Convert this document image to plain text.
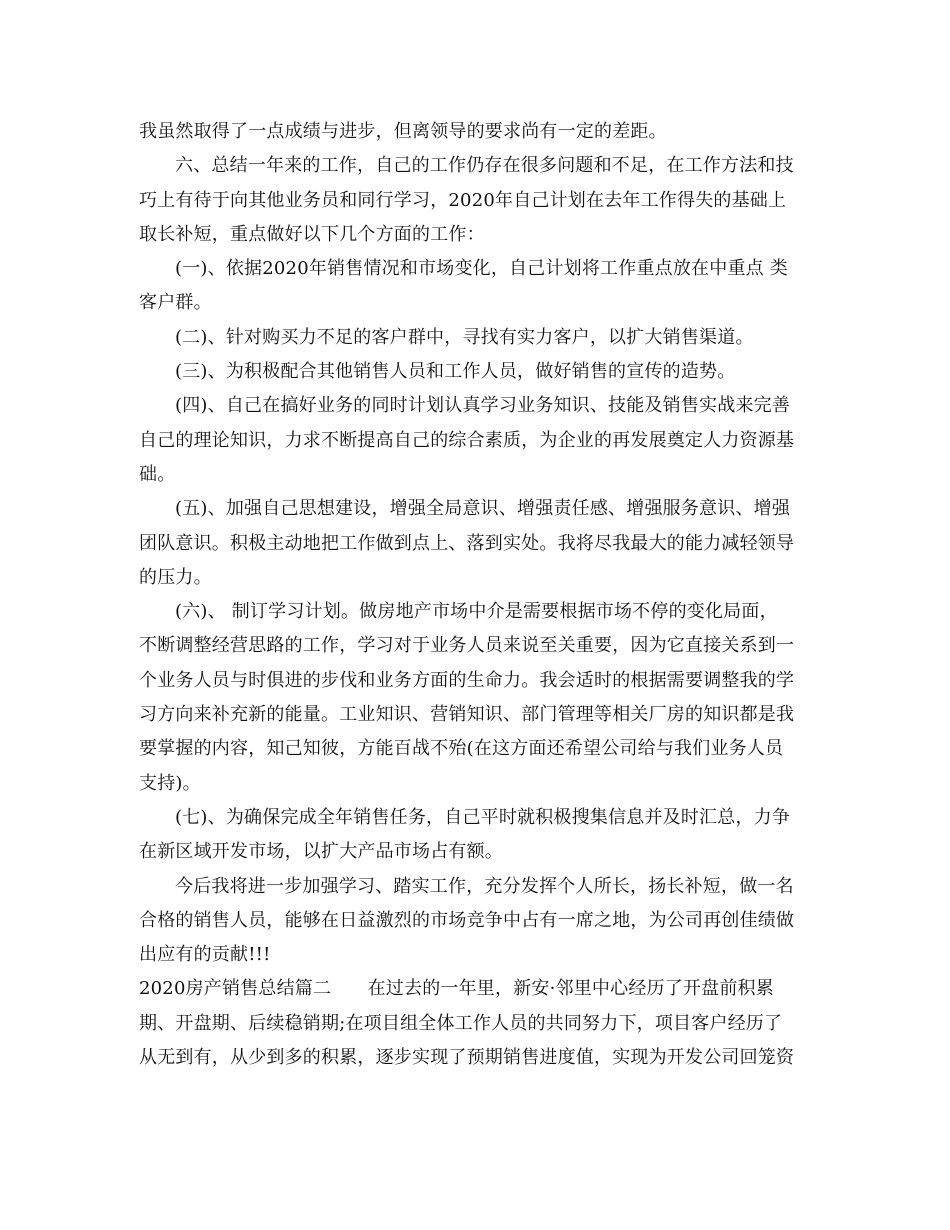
我虽然取得了一点成绩与进步，但离领导的要求尚有一定的差距。
六、总结一年来的工作，自己的工作仍存在很多问题和不足，在工作方法和技
巧上有待于向其他业务员和同行学习，2020年自己计划在去年工作得失的基础上
取长补短，重点做好以下几个方面的工作：
(一)、依据2020年销售情况和市场变化，自己计划将工作重点放在中重点 类
客户群。
(二)、针对购买力不足的客户群中，寻找有实力客户，以扩大销售渠道。
(三)、为积极配合其他销售人员和工作人员，做好销售的宣传的造势。
(四)、自己在搞好业务的同时计划认真学习业务知识、技能及销售实战来完善
自己的理论知识，力求不断提高自己的综合素质，为企业的再发展奠定人力资源基
础。
(五)、加强自己思想建设，增强全局意识、增强责任感、增强服务意识、增强
团队意识。积极主动地把工作做到点上、落到实处。我将尽我最大的能力减轻领导
的压力。
(六)、 制订学习计划。做房地产市场中介是需要根据市场不停的变化局面，
不断调整经营思路的工作，学习对于业务人员来说至关重要，因为它直接关系到一
个业务人员与时俱进的步伐和业务方面的生命力。我会适时的根据需要调整我的学
习方向来补充新的能量。工业知识、营销知识、部门管理等相关厂房的知识都是我
要掌握的内容，知己知彼，方能百战不殆(在这方面还希望公司给与我们业务人员
支持)。
(七)、为确保完成全年销售任务，自己平时就积极搜集信息并及时汇总，力争
在新区域开发市场，以扩大产品市场占有额。
今后我将进一步加强学习、踏实工作，充分发挥个人所长，扬长补短，做一名
合格的销售人员，能够在日益激烈的市场竞争中占有一席之地，为公司再创佳绩做
出应有的贡献!!!
2020房产销售总结篇二　　在过去的一年里，新安·邻里中心经历了开盘前积累
期、开盘期、后续稳销期;在项目组全体工作人员的共同努力下，项目客户经历了
从无到有，从少到多的积累，逐步实现了预期销售进度值，实现为开发公司回笼资
